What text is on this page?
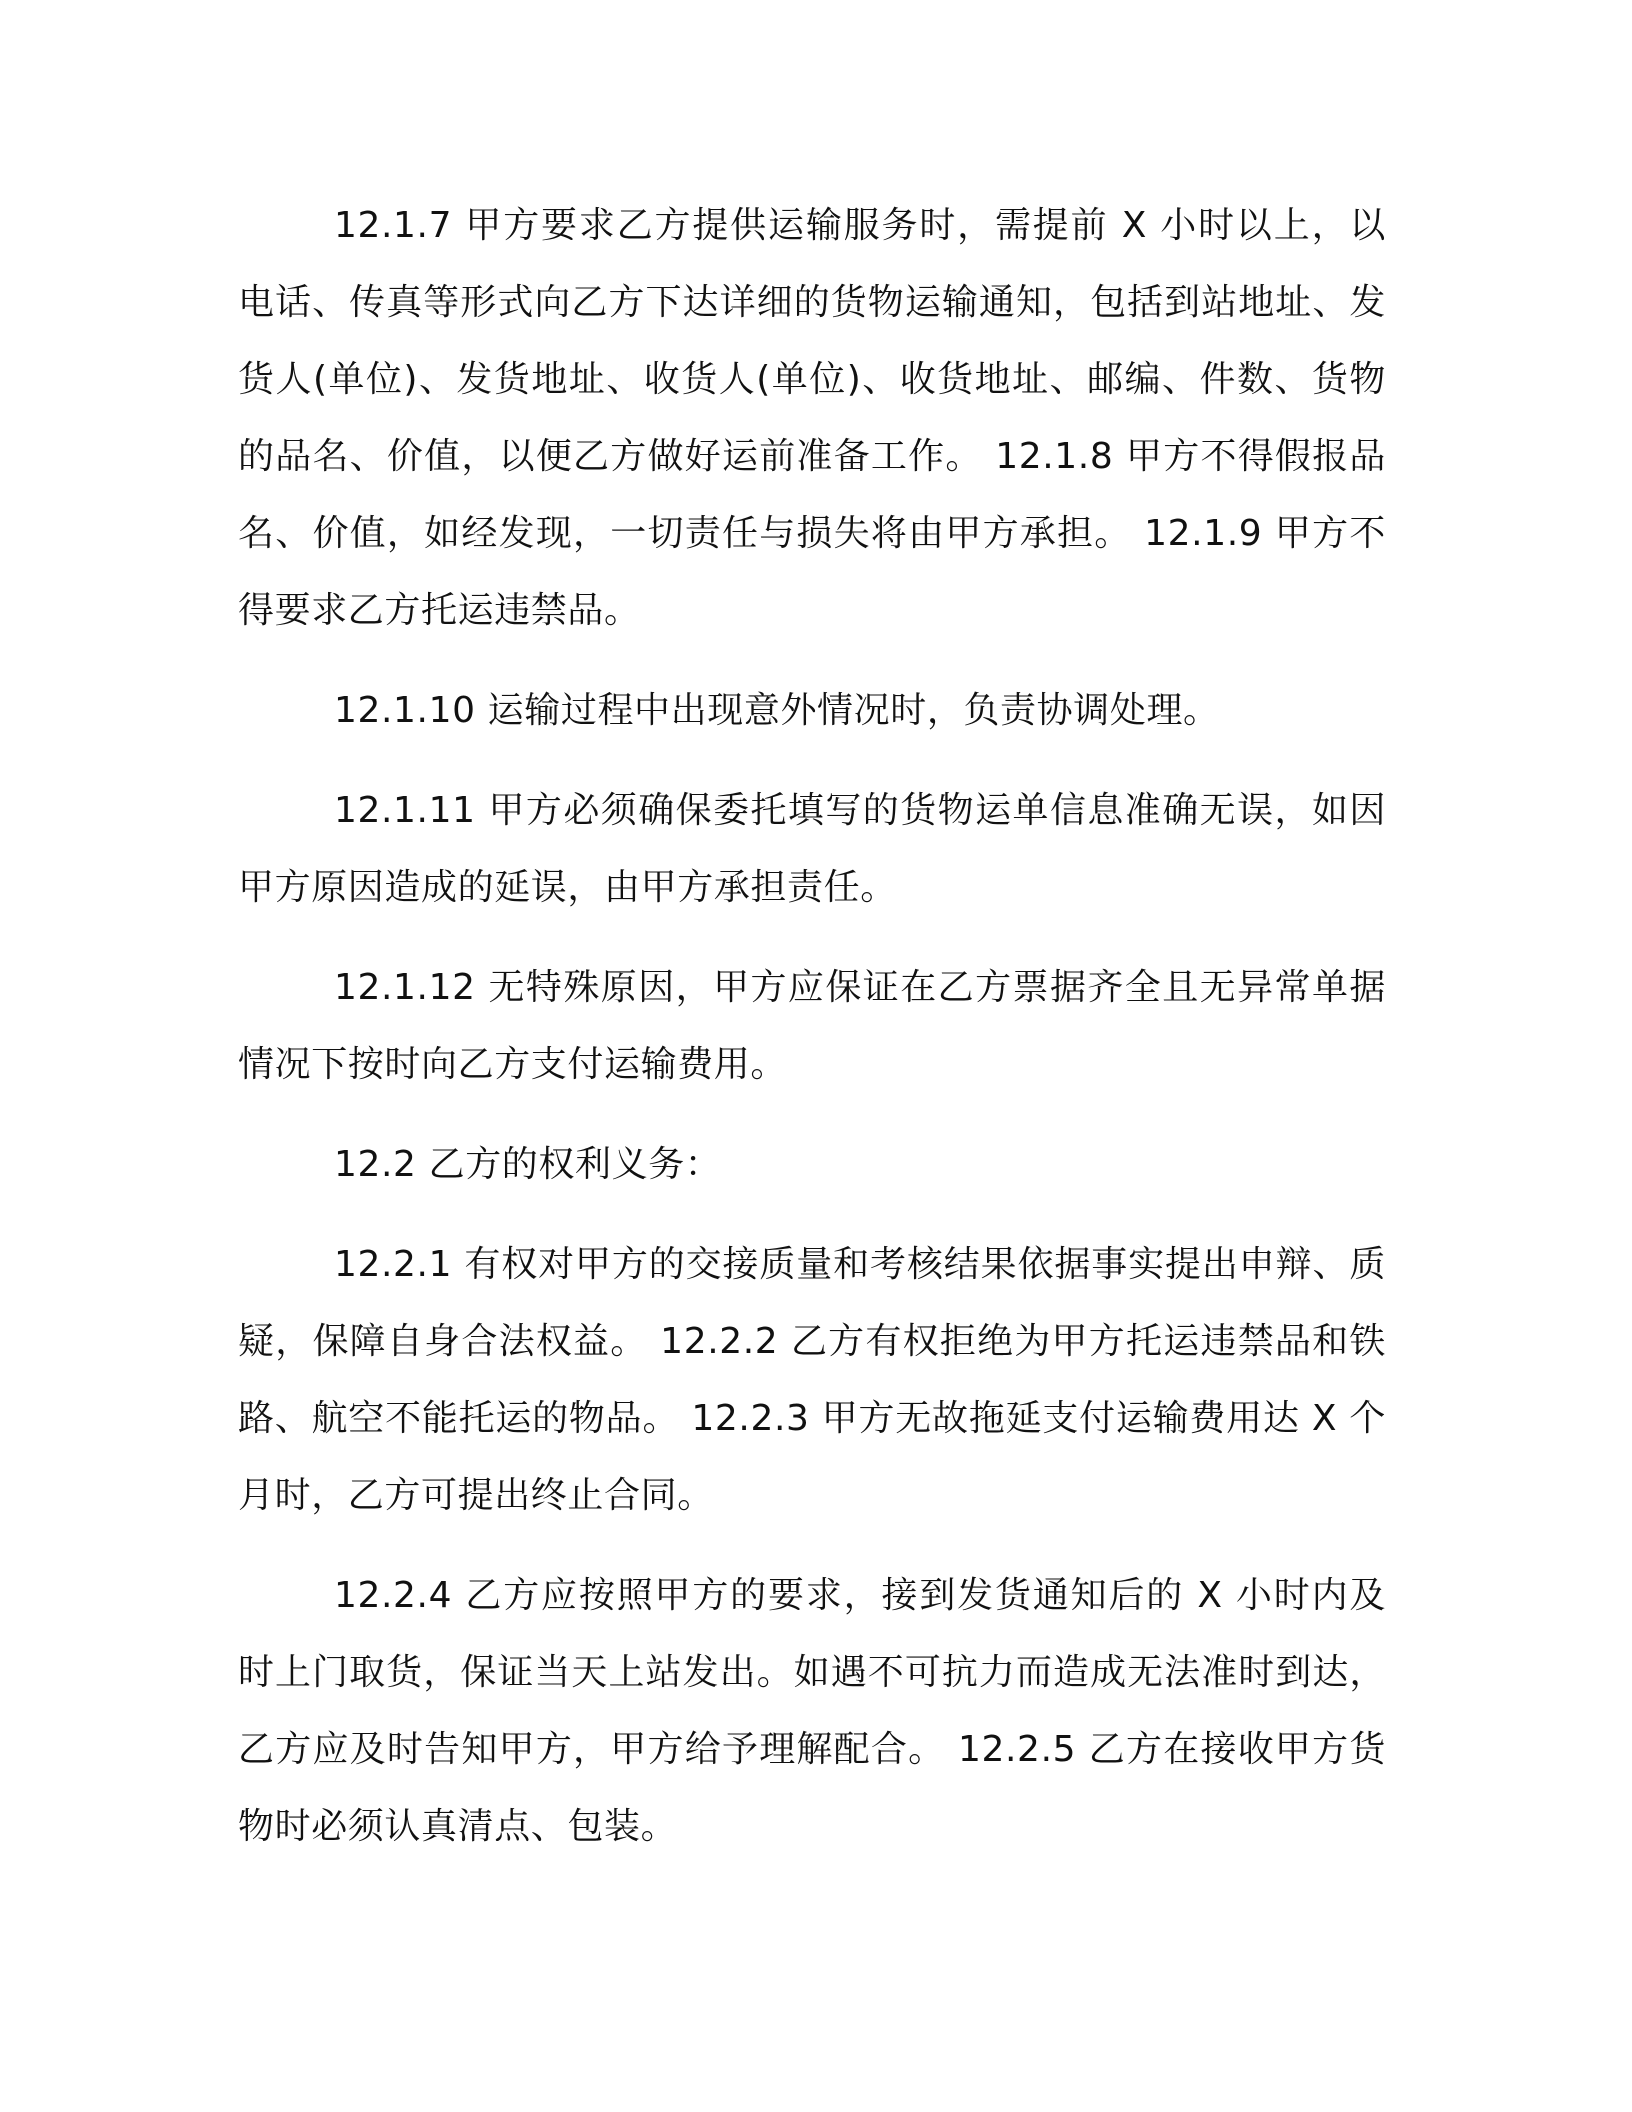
12.1.7 甲方要求乙方提供运输服务时，需提前 X 小时以上，以电话、传真等形式向乙方下达详细的货物运输通知，包括到站地址、发货人(单位)、发货地址、收货人(单位)、收货地址、邮编、件数、货物的品名、价值，以便乙方做好运前准备工作。 12.1.8 甲方不得假报品名、价值，如经发现，一切责任与损失将由甲方承担。 12.1.9 甲方不得要求乙方托运违禁品。

12.1.10 运输过程中出现意外情况时，负责协调处理。

12.1.11 甲方必须确保委托填写的货物运单信息准确无误，如因甲方原因造成的延误，由甲方承担责任。

12.1.12 无特殊原因，甲方应保证在乙方票据齐全且无异常单据情况下按时向乙方支付运输费用。

12.2 乙方的权利义务：

12.2.1 有权对甲方的交接质量和考核结果依据事实提出申辩、质疑，保障自身合法权益。 12.2.2 乙方有权拒绝为甲方托运违禁品和铁路、航空不能托运的物品。 12.2.3 甲方无故拖延支付运输费用达 X 个月时，乙方可提出终止合同。

12.2.4 乙方应按照甲方的要求，接到发货通知后的 X 小时内及时上门取货，保证当天上站发出。如遇不可抗力而造成无法准时到达，乙方应及时告知甲方，甲方给予理解配合。 12.2.5 乙方在接收甲方货物时必须认真清点、包装。
